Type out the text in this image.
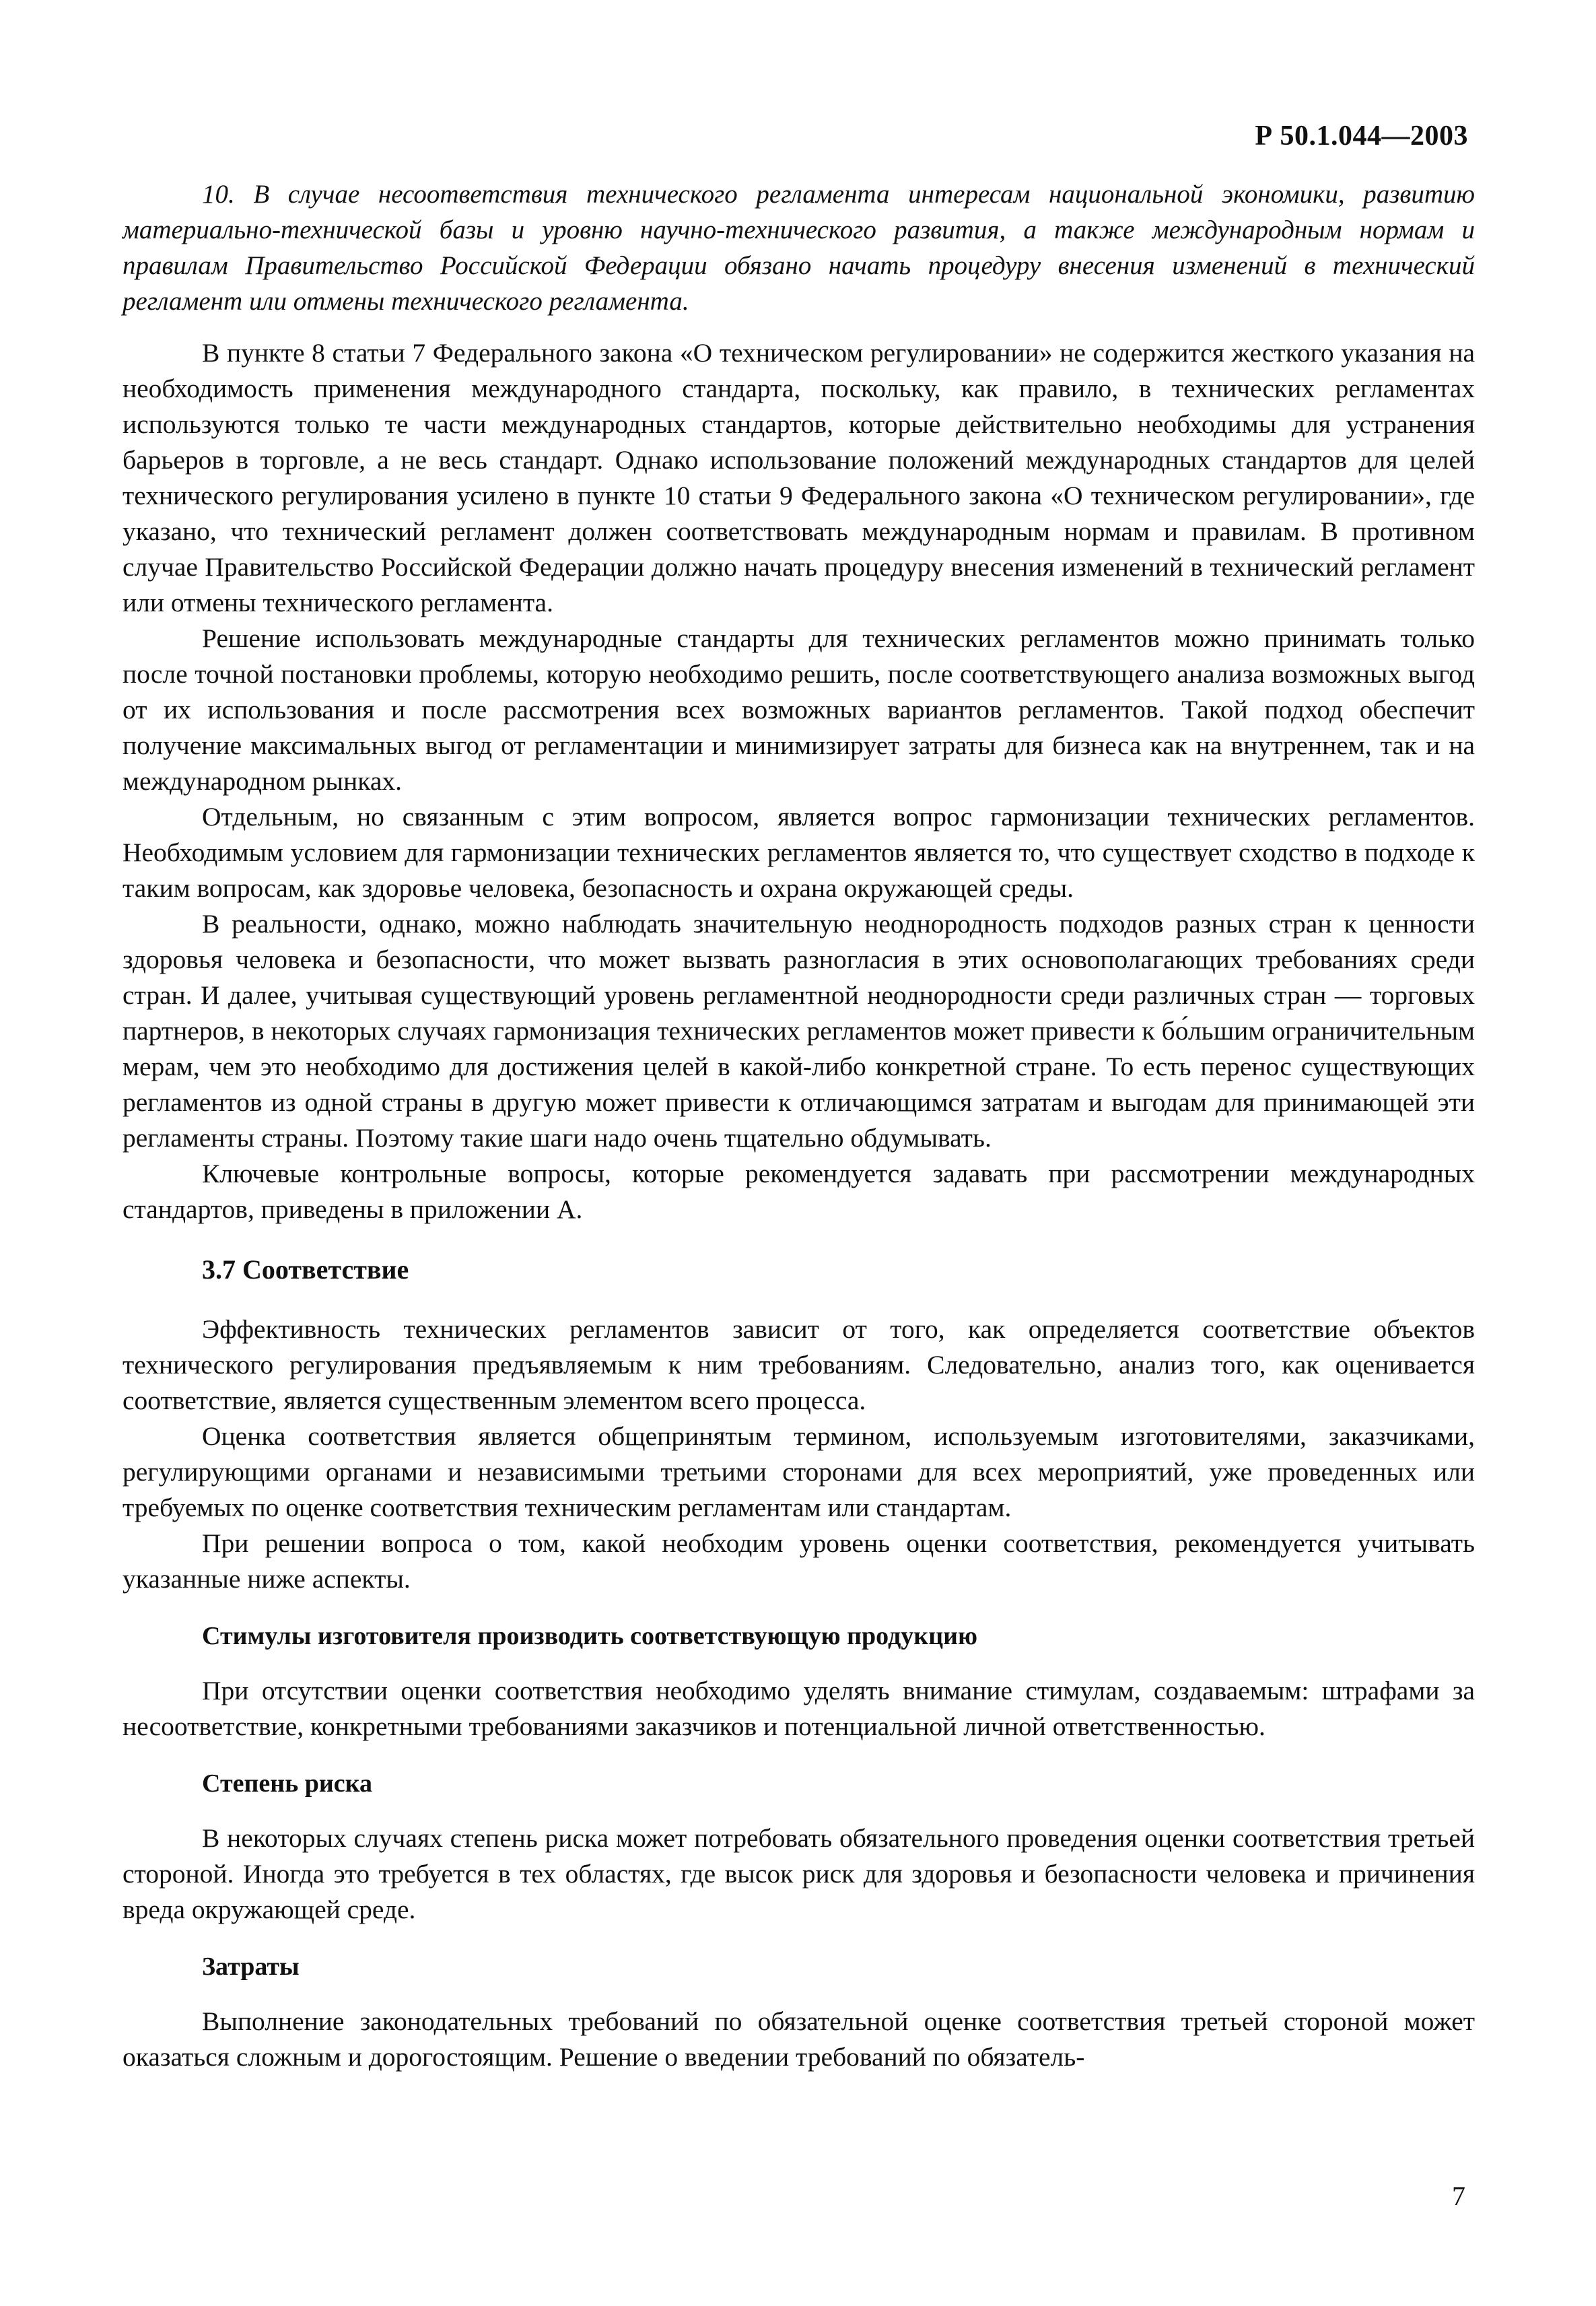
Р 50.1.044—2003

10. В случае несоответствия технического регламента интересам национальной экономики, развитию материально-технической базы и уровню научно-технического развития, а также международным нормам и правилам Правительство Российской Федерации обязано начать процедуру внесения изменений в технический регламент или отмены технического регламента.

В пункте 8 статьи 7 Федерального закона «О техническом регулировании» не содержится жесткого указания на необходимость применения международного стандарта, поскольку, как правило, в технических регламентах используются только те части международных стандартов, которые действительно необходимы для устранения барьеров в торговле, а не весь стандарт. Однако использование положений международных стандартов для целей технического регулирования усилено в пункте 10 статьи 9 Федерального закона «О техническом регулировании», где указано, что технический регламент должен соответствовать международным нормам и правилам. В противном случае Правительство Российской Федерации должно начать процедуру внесения изменений в технический регламент или отмены технического регламента.

Решение использовать международные стандарты для технических регламентов можно принимать только после точной постановки проблемы, которую необходимо решить, после соответствующего анализа возможных выгод от их использования и после рассмотрения всех возможных вариантов регламентов. Такой подход обеспечит получение максимальных выгод от регламентации и минимизирует затраты для бизнеса как на внутреннем, так и на международном рынках.

Отдельным, но связанным с этим вопросом, является вопрос гармонизации технических регламентов. Необходимым условием для гармонизации технических регламентов является то, что существует сходство в подходе к таким вопросам, как здоровье человека, безопасность и охрана окружающей среды.

В реальности, однако, можно наблюдать значительную неоднородность подходов разных стран к ценности здоровья человека и безопасности, что может вызвать разногласия в этих основополагающих требованиях среди стран. И далее, учитывая существующий уровень регламентной неоднородности среди различных стран — торговых партнеров, в некоторых случаях гармонизация технических регламентов может привести к бо́льшим ограничительным мерам, чем это необходимо для достижения целей в какой-либо конкретной стране. То есть перенос существующих регламентов из одной страны в другую может привести к отличающимся затратам и выгодам для принимающей эти регламенты страны. Поэтому такие шаги надо очень тщательно обдумывать.

Ключевые контрольные вопросы, которые рекомендуется задавать при рассмотрении международных стандартов, приведены в приложении А.

3.7 Соответствие

Эффективность технических регламентов зависит от того, как определяется соответствие объектов технического регулирования предъявляемым к ним требованиям. Следовательно, анализ того, как оценивается соответствие, является существенным элементом всего процесса.

Оценка соответствия является общепринятым термином, используемым изготовителями, заказчиками, регулирующими органами и независимыми третьими сторонами для всех мероприятий, уже проведенных или требуемых по оценке соответствия техническим регламентам или стандартам.

При решении вопроса о том, какой необходим уровень оценки соответствия, рекомендуется учитывать указанные ниже аспекты.

Стимулы изготовителя производить соответствующую продукцию

При отсутствии оценки соответствия необходимо уделять внимание стимулам, создаваемым: штрафами за несоответствие, конкретными требованиями заказчиков и потенциальной личной ответственностью.

Степень риска

В некоторых случаях степень риска может потребовать обязательного проведения оценки соответствия третьей стороной. Иногда это требуется в тех областях, где высок риск для здоровья и безопасности человека и причинения вреда окружающей среде.

Затраты

Выполнение законодательных требований по обязательной оценке соответствия третьей стороной может оказаться сложным и дорогостоящим. Решение о введении требований по обязатель-

7
